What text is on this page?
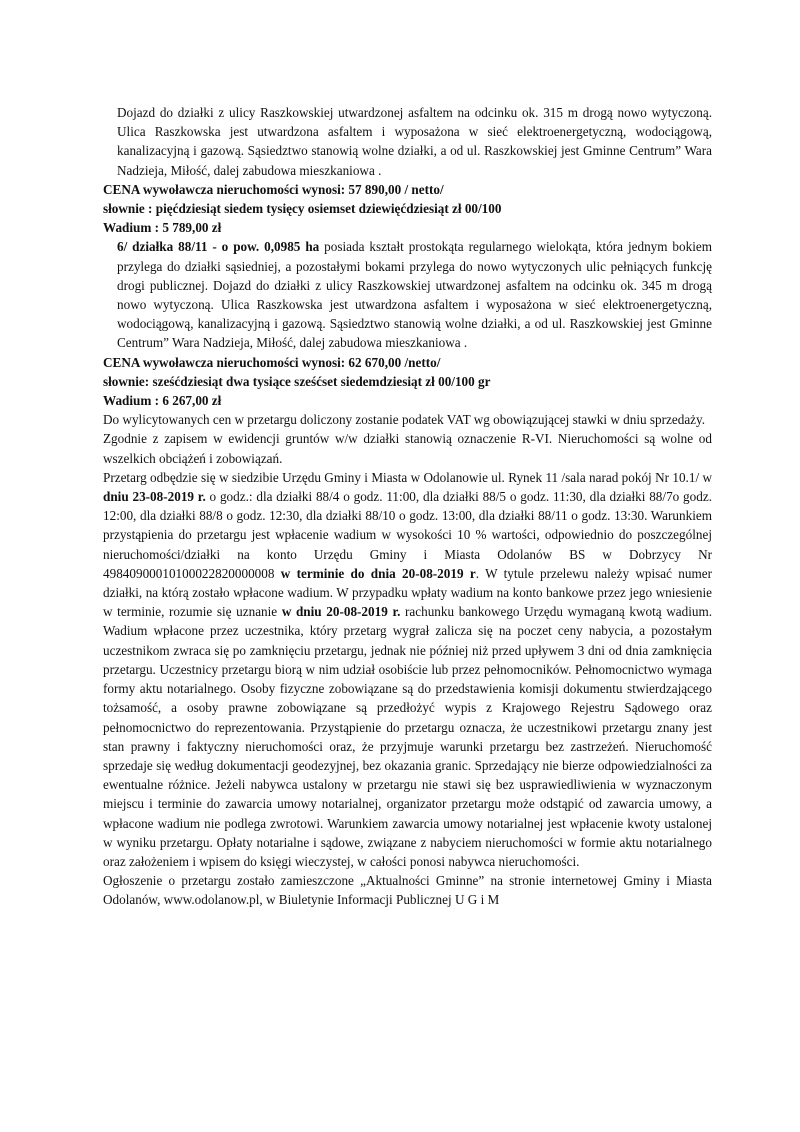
Dojazd do działki z ulicy Raszkowskiej utwardzonej asfaltem na odcinku ok. 315 m drogą nowo wytyczoną. Ulica Raszkowska jest utwardzona asfaltem i wyposażona w sieć elektroenergetyczną, wodociągową, kanalizacyjną i gazową. Sąsiedztwo stanowią wolne działki, a od ul. Raszkowskiej jest Gminne Centrum” Wara Nadzieja, Miłość, dalej zabudowa mieszkaniowa .

CENA wywoławcza nieruchomości wynosi: 57 890,00 / netto/

słownie : pięćdziesiąt siedem tysięcy osiemset dziewięćdziesiąt zł 00/100

Wadium : 5 789,00 zł

6/ działka 88/11 - o pow. 0,0985 ha posiada kształt prostokąta regularnego wielokąta, która jednym bokiem przylega do działki sąsiedniej, a pozostałymi bokami przylega do nowo wytyczonych ulic pełniących funkcję drogi publicznej. Dojazd do działki z ulicy Raszkowskiej utwardzonej asfaltem na odcinku ok. 345 m drogą nowo wytyczoną. Ulica Raszkowska jest utwardzona asfaltem i wyposażona w sieć elektroenergetyczną, wodociągową, kanalizacyjną i gazową. Sąsiedztwo stanowią wolne działki, a od ul. Raszkowskiej jest Gminne Centrum” Wara Nadzieja, Miłość, dalej zabudowa mieszkaniowa .

CENA wywoławcza nieruchomości wynosi: 62 670,00 /netto/

słownie: sześćdziesiąt dwa tysiące sześćset siedemdziesiąt zł 00/100 gr

Wadium : 6 267,00 zł

Do wylicytowanych cen w przetargu doliczony zostanie podatek VAT wg obowiązującej stawki w dniu sprzedaży.

Zgodnie z zapisem w ewidencji gruntów w/w działki stanowią oznaczenie R-VI. Nieruchomości są wolne od wszelkich obciążeń i zobowiązań.

Przetarg odbędzie się w siedzibie Urzędu Gminy i Miasta w Odolanowie ul. Rynek 11 /sala narad pokój Nr 10.1/ w dniu 23-08-2019 r. o godz.: dla działki 88/4 o godz. 11:00, dla działki 88/5 o godz. 11:30, dla działki 88/7o godz. 12:00, dla działki 88/8 o godz. 12:30, dla działki 88/10 o godz. 13:00, dla działki 88/11 o godz. 13:30. Warunkiem przystąpienia do przetargu jest wpłacenie wadium w wysokości 10 % wartości, odpowiednio do poszczególnej nieruchomości/działki na konto Urzędu Gminy i Miasta Odolanów BS w Dobrzycy Nr 49840900010100022820000008 w terminie do dnia 20-08-2019 r. W tytule przelewu należy wpisać numer działki, na którą zostało wpłacone wadium. W przypadku wpłaty wadium na konto bankowe przez jego wniesienie w terminie, rozumie się uznanie w dniu 20-08-2019 r. rachunku bankowego Urzędu wymaganą kwotą wadium. Wadium wpłacone przez uczestnika, który przetarg wygrał zalicza się na poczet ceny nabycia, a pozostałym uczestnikom zwraca się po zamknięciu przetargu, jednak nie później niż przed upływem 3 dni od dnia zamknięcia przetargu. Uczestnicy przetargu biorą w nim udział osobiście lub przez pełnomocników. Pełnomocnictwo wymaga formy aktu notarialnego. Osoby fizyczne zobowiązane są do przedstawienia komisji dokumentu stwierdzającego tożsamość, a osoby prawne zobowiązane są przedłożyć wypis z Krajowego Rejestru Sądowego oraz pełnomocnictwo do reprezentowania. Przystąpienie do przetargu oznacza, że uczestnikowi przetargu znany jest stan prawny i faktyczny nieruchomości oraz, że przyjmuje warunki przetargu bez zastrzeżeń. Nieruchomość sprzedaje się według dokumentacji geodezyjnej, bez okazania granic. Sprzedający nie bierze odpowiedzialności za ewentualne różnice. Jeżeli nabywca ustalony w przetargu nie stawi się bez usprawiedliwienia w wyznaczonym miejscu i terminie do zawarcia umowy notarialnej, organizator przetargu może odstąpić od zawarcia umowy, a wpłacone wadium nie podlega zwrotowi. Warunkiem zawarcia umowy notarialnej jest wpłacenie kwoty ustalonej w wyniku przetargu. Opłaty notarialne i sądowe, związane z nabyciem nieruchomości w formie aktu notarialnego oraz założeniem i wpisem do księgi wieczystej, w całości ponosi nabywca nieruchomości.

Ogłoszenie o przetargu zostało zamieszczone „Aktualności Gminne” na stronie internetowej Gminy i Miasta Odolanów, www.odolanow.pl, w Biuletynie Informacji Publicznej U G i M
